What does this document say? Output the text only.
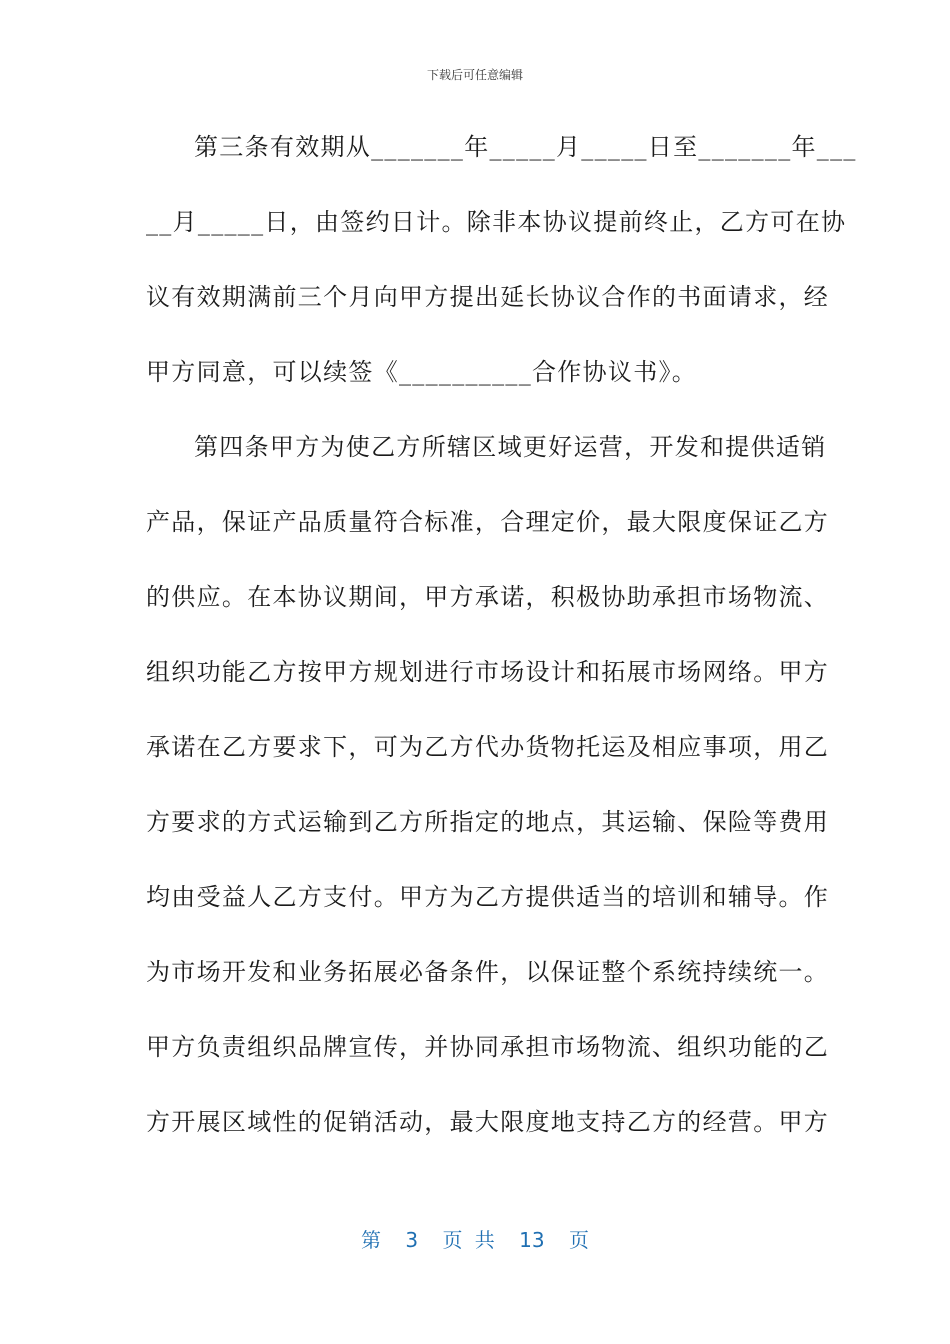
下载后可任意编辑
第三条有效期从_______年_____月_____日至_______年___
__月_____日，由签约日计。除非本协议提前终止，乙方可在协
议有效期满前三个月向甲方提出延长协议合作的书面请求，经
甲方同意，可以续签《__________合作协议书》。
第四条甲方为使乙方所辖区域更好运营，开发和提供适销
产品，保证产品质量符合标准，合理定价，最大限度保证乙方
的供应。在本协议期间，甲方承诺，积极协助承担市场物流、
组织功能乙方按甲方规划进行市场设计和拓展市场网络。甲方
承诺在乙方要求下，可为乙方代办货物托运及相应事项，用乙
方要求的方式运输到乙方所指定的地点，其运输、保险等费用
均由受益人乙方支付。甲方为乙方提供适当的培训和辅导。作
为市场开发和业务拓展必备条件，以保证整个系统持续统一。
甲方负责组织品牌宣传，并协同承担市场物流、组织功能的乙
方开展区域性的促销活动，最大限度地支持乙方的经营。甲方
第 3 页 共 13 页
